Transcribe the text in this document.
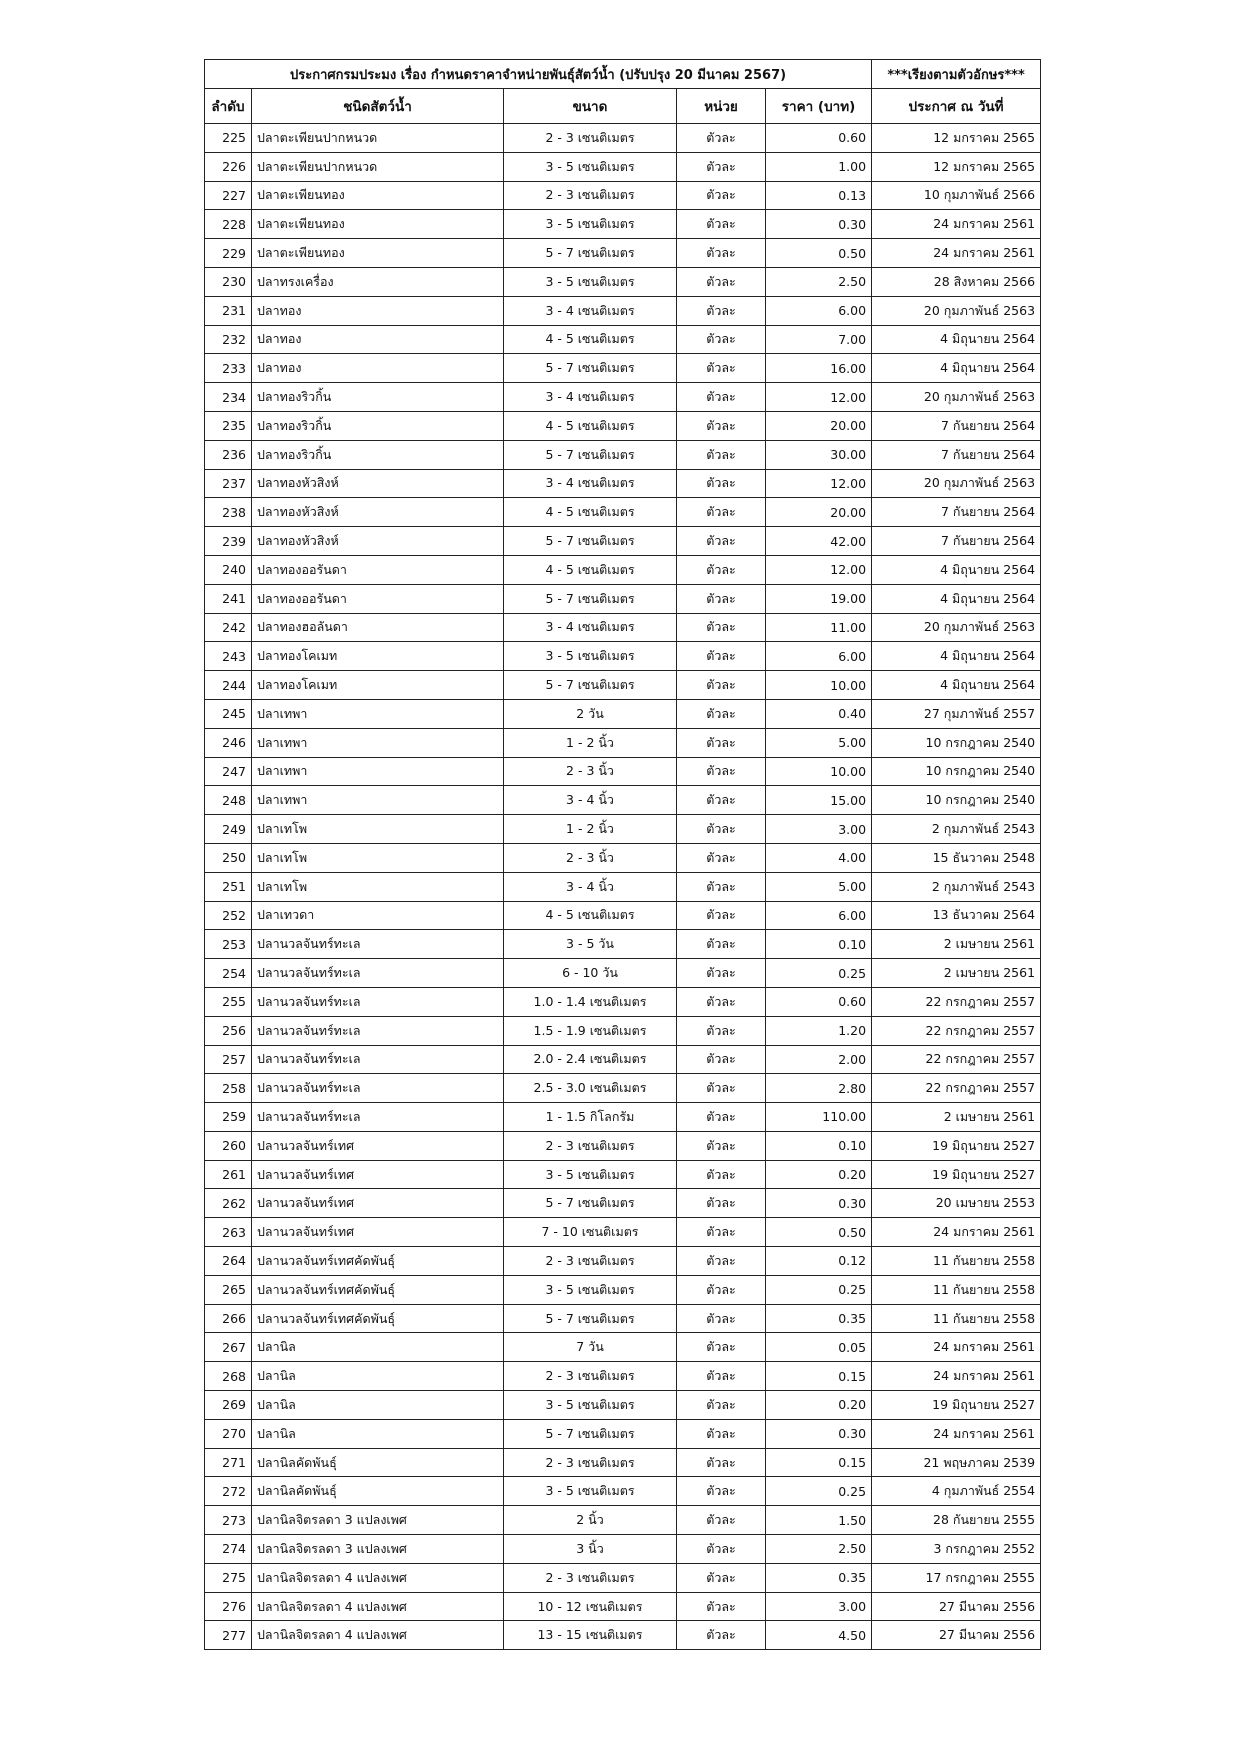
ประกาศกรมประมง เรื่อง กำหนดราคาจำหน่ายพันธุ์สัตว์น้ำ (ปรับปรุง 20 มีนาคม 2567)					***เรียงตามตัวอักษร***
ลำดับ	ชนิดสัตว์น้ำ	ขนาด	หน่วย	ราคา (บาท)	ประกาศ ณ วันที่
225	ปลาตะเพียนปากหนวด	2 - 3 เซนติเมตร	ตัวละ	0.60	12 มกราคม 2565
226	ปลาตะเพียนปากหนวด	3 - 5 เซนติเมตร	ตัวละ	1.00	12 มกราคม 2565
227	ปลาตะเพียนทอง	2 - 3 เซนติเมตร	ตัวละ	0.13	10 กุมภาพันธ์ 2566
228	ปลาตะเพียนทอง	3 - 5 เซนติเมตร	ตัวละ	0.30	24 มกราคม 2561
229	ปลาตะเพียนทอง	5 - 7 เซนติเมตร	ตัวละ	0.50	24 มกราคม 2561
230	ปลาทรงเครื่อง	3 - 5 เซนติเมตร	ตัวละ	2.50	28 สิงหาคม 2566
231	ปลาทอง	3 - 4 เซนติเมตร	ตัวละ	6.00	20 กุมภาพันธ์ 2563
232	ปลาทอง	4 - 5 เซนติเมตร	ตัวละ	7.00	4 มิถุนายน 2564
233	ปลาทอง	5 - 7 เซนติเมตร	ตัวละ	16.00	4 มิถุนายน 2564
234	ปลาทองริวกิ้น	3 - 4 เซนติเมตร	ตัวละ	12.00	20 กุมภาพันธ์ 2563
235	ปลาทองริวกิ้น	4 - 5 เซนติเมตร	ตัวละ	20.00	7 กันยายน 2564
236	ปลาทองริวกิ้น	5 - 7 เซนติเมตร	ตัวละ	30.00	7 กันยายน 2564
237	ปลาทองหัวสิงห์	3 - 4 เซนติเมตร	ตัวละ	12.00	20 กุมภาพันธ์ 2563
238	ปลาทองหัวสิงห์	4 - 5 เซนติเมตร	ตัวละ	20.00	7 กันยายน 2564
239	ปลาทองหัวสิงห์	5 - 7 เซนติเมตร	ตัวละ	42.00	7 กันยายน 2564
240	ปลาทองออรันดา	4 - 5 เซนติเมตร	ตัวละ	12.00	4 มิถุนายน 2564
241	ปลาทองออรันดา	5 - 7 เซนติเมตร	ตัวละ	19.00	4 มิถุนายน 2564
242	ปลาทองฮอลันดา	3 - 4 เซนติเมตร	ตัวละ	11.00	20 กุมภาพันธ์ 2563
243	ปลาทองโคเมท	3 - 5 เซนติเมตร	ตัวละ	6.00	4 มิถุนายน 2564
244	ปลาทองโคเมท	5 - 7 เซนติเมตร	ตัวละ	10.00	4 มิถุนายน 2564
245	ปลาเทพา	2 วัน	ตัวละ	0.40	27 กุมภาพันธ์ 2557
246	ปลาเทพา	1 - 2 นิ้ว	ตัวละ	5.00	10 กรกฎาคม 2540
247	ปลาเทพา	2 - 3 นิ้ว	ตัวละ	10.00	10 กรกฎาคม 2540
248	ปลาเทพา	3 - 4 นิ้ว	ตัวละ	15.00	10 กรกฎาคม 2540
249	ปลาเทโพ	1 - 2 นิ้ว	ตัวละ	3.00	2 กุมภาพันธ์ 2543
250	ปลาเทโพ	2 - 3 นิ้ว	ตัวละ	4.00	15 ธันวาคม 2548
251	ปลาเทโพ	3 - 4 นิ้ว	ตัวละ	5.00	2 กุมภาพันธ์ 2543
252	ปลาเทวดา	4 - 5 เซนติเมตร	ตัวละ	6.00	13 ธันวาคม 2564
253	ปลานวลจันทร์ทะเล	3 - 5 วัน	ตัวละ	0.10	2 เมษายน 2561
254	ปลานวลจันทร์ทะเล	6 - 10 วัน	ตัวละ	0.25	2 เมษายน 2561
255	ปลานวลจันทร์ทะเล	1.0 - 1.4 เซนติเมตร	ตัวละ	0.60	22 กรกฎาคม 2557
256	ปลานวลจันทร์ทะเล	1.5 - 1.9 เซนติเมตร	ตัวละ	1.20	22 กรกฎาคม 2557
257	ปลานวลจันทร์ทะเล	2.0 - 2.4 เซนติเมตร	ตัวละ	2.00	22 กรกฎาคม 2557
258	ปลานวลจันทร์ทะเล	2.5 - 3.0 เซนติเมตร	ตัวละ	2.80	22 กรกฎาคม 2557
259	ปลานวลจันทร์ทะเล	1 - 1.5 กิโลกรัม	ตัวละ	110.00	2 เมษายน 2561
260	ปลานวลจันทร์เทศ	2 - 3 เซนติเมตร	ตัวละ	0.10	19 มิถุนายน 2527
261	ปลานวลจันทร์เทศ	3 - 5 เซนติเมตร	ตัวละ	0.20	19 มิถุนายน 2527
262	ปลานวลจันทร์เทศ	5 - 7 เซนติเมตร	ตัวละ	0.30	20 เมษายน 2553
263	ปลานวลจันทร์เทศ	7 - 10 เซนติเมตร	ตัวละ	0.50	24 มกราคม 2561
264	ปลานวลจันทร์เทศคัดพันธุ์	2 - 3 เซนติเมตร	ตัวละ	0.12	11 กันยายน 2558
265	ปลานวลจันทร์เทศคัดพันธุ์	3 - 5 เซนติเมตร	ตัวละ	0.25	11 กันยายน 2558
266	ปลานวลจันทร์เทศคัดพันธุ์	5 - 7 เซนติเมตร	ตัวละ	0.35	11 กันยายน 2558
267	ปลานิล	7 วัน	ตัวละ	0.05	24 มกราคม 2561
268	ปลานิล	2 - 3 เซนติเมตร	ตัวละ	0.15	24 มกราคม 2561
269	ปลานิล	3 - 5 เซนติเมตร	ตัวละ	0.20	19 มิถุนายน 2527
270	ปลานิล	5 - 7 เซนติเมตร	ตัวละ	0.30	24 มกราคม 2561
271	ปลานิลคัดพันธุ์	2 - 3 เซนติเมตร	ตัวละ	0.15	21 พฤษภาคม 2539
272	ปลานิลคัดพันธุ์	3 - 5 เซนติเมตร	ตัวละ	0.25	4 กุมภาพันธ์ 2554
273	ปลานิลจิตรลดา 3 แปลงเพศ	2 นิ้ว	ตัวละ	1.50	28 กันยายน 2555
274	ปลานิลจิตรลดา 3 แปลงเพศ	3 นิ้ว	ตัวละ	2.50	3 กรกฎาคม 2552
275	ปลานิลจิตรลดา 4 แปลงเพศ	2 - 3 เซนติเมตร	ตัวละ	0.35	17 กรกฎาคม 2555
276	ปลานิลจิตรลดา 4 แปลงเพศ	10 - 12 เซนติเมตร	ตัวละ	3.00	27 มีนาคม 2556
277	ปลานิลจิตรลดา 4 แปลงเพศ	13 - 15 เซนติเมตร	ตัวละ	4.50	27 มีนาคม 2556
